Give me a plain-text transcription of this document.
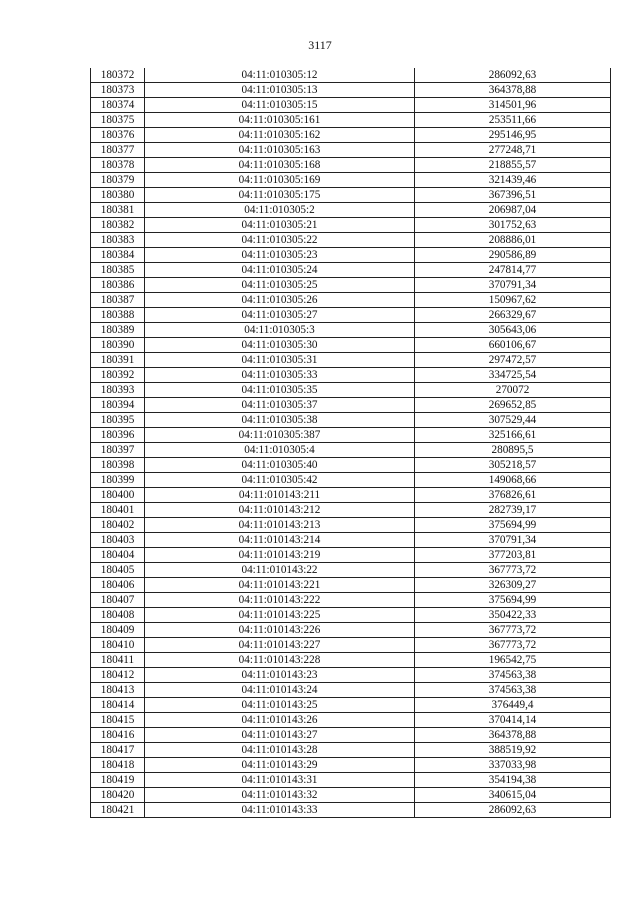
3117
180372	04:11:010305:12	286092,63
180373	04:11:010305:13	364378,88
180374	04:11:010305:15	314501,96
180375	04:11:010305:161	253511,66
180376	04:11:010305:162	295146,95
180377	04:11:010305:163	277248,71
180378	04:11:010305:168	218855,57
180379	04:11:010305:169	321439,46
180380	04:11:010305:175	367396,51
180381	04:11:010305:2	206987,04
180382	04:11:010305:21	301752,63
180383	04:11:010305:22	208886,01
180384	04:11:010305:23	290586,89
180385	04:11:010305:24	247814,77
180386	04:11:010305:25	370791,34
180387	04:11:010305:26	150967,62
180388	04:11:010305:27	266329,67
180389	04:11:010305:3	305643,06
180390	04:11:010305:30	660106,67
180391	04:11:010305:31	297472,57
180392	04:11:010305:33	334725,54
180393	04:11:010305:35	270072
180394	04:11:010305:37	269652,85
180395	04:11:010305:38	307529,44
180396	04:11:010305:387	325166,61
180397	04:11:010305:4	280895,5
180398	04:11:010305:40	305218,57
180399	04:11:010305:42	149068,66
180400	04:11:010143:211	376826,61
180401	04:11:010143:212	282739,17
180402	04:11:010143:213	375694,99
180403	04:11:010143:214	370791,34
180404	04:11:010143:219	377203,81
180405	04:11:010143:22	367773,72
180406	04:11:010143:221	326309,27
180407	04:11:010143:222	375694,99
180408	04:11:010143:225	350422,33
180409	04:11:010143:226	367773,72
180410	04:11:010143:227	367773,72
180411	04:11:010143:228	196542,75
180412	04:11:010143:23	374563,38
180413	04:11:010143:24	374563,38
180414	04:11:010143:25	376449,4
180415	04:11:010143:26	370414,14
180416	04:11:010143:27	364378,88
180417	04:11:010143:28	388519,92
180418	04:11:010143:29	337033,98
180419	04:11:010143:31	354194,38
180420	04:11:010143:32	340615,04
180421	04:11:010143:33	286092,63
